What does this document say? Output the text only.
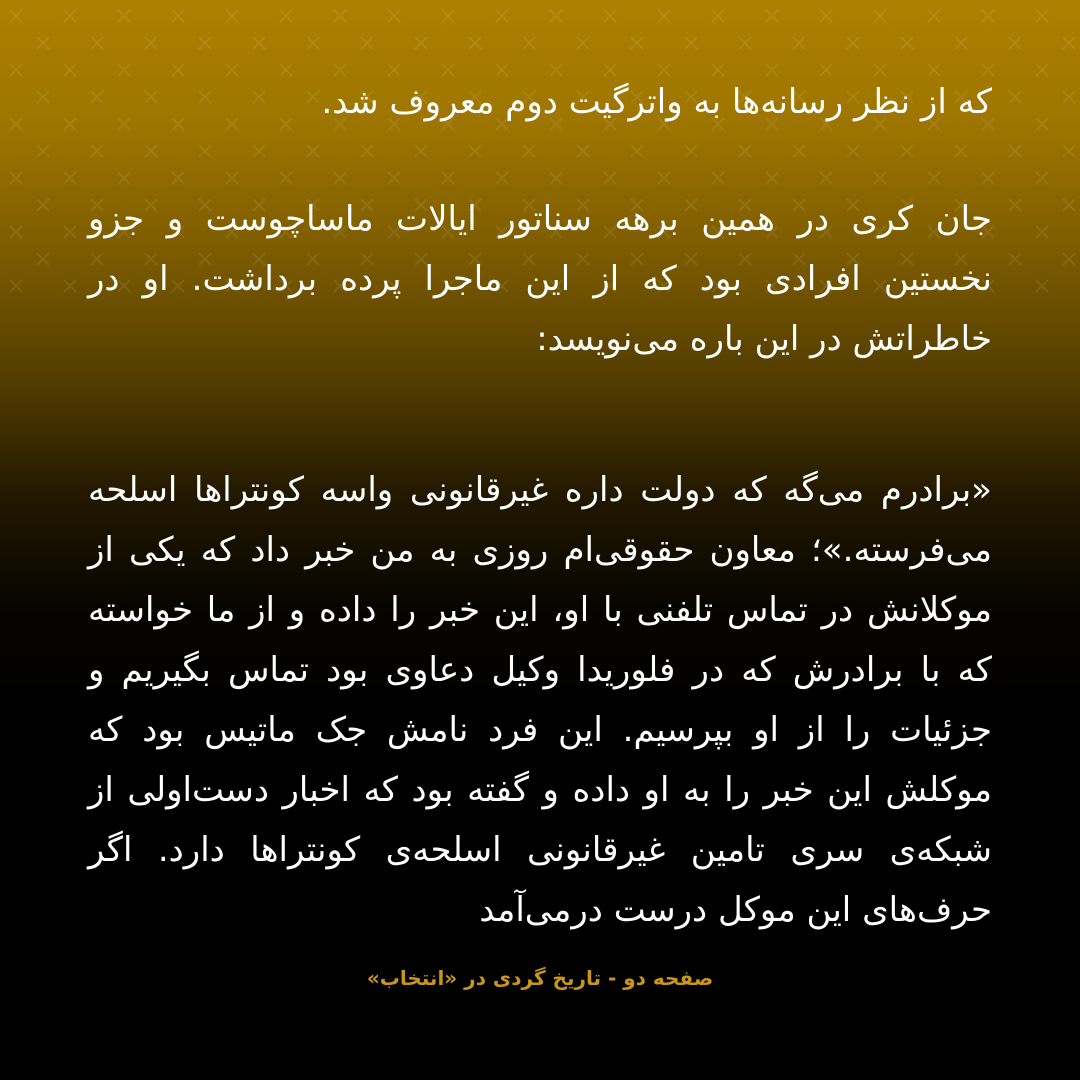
که از نظر رسانه‌ها به واترگیت دوم معروف شد.

جان کری در همین برهه سناتور ایالات ماساچوست و جزو نخستین افرادی بود که از این ماجرا پرده برداشت. او در خاطراتش در این باره می‌نویسد:

«برادرم می‌گه که دولت داره غیرقانونی واسه کونتراها اسلحه می‌فرسته.»؛ معاون حقوقی‌ام روزی به من خبر داد که یکی از موکلانش در تماس تلفنی با او، این خبر را داده و از ما خواسته که با برادرش که در فلوریدا وکیل دعاوی بود تماس بگیریم و جزئیات را از او بپرسیم. این فرد نامش جک ماتیس بود که موکلش این خبر را به او داده و گفته بود که اخبار دست‌اولی از شبکه‌ی سری تامین غیرقانونی اسلحه‌ی کونتراها دارد. اگر حرف‌های این موکل درست درمی‌آمد

صفحه دو - تاریخ گردی در «انتخاب»
